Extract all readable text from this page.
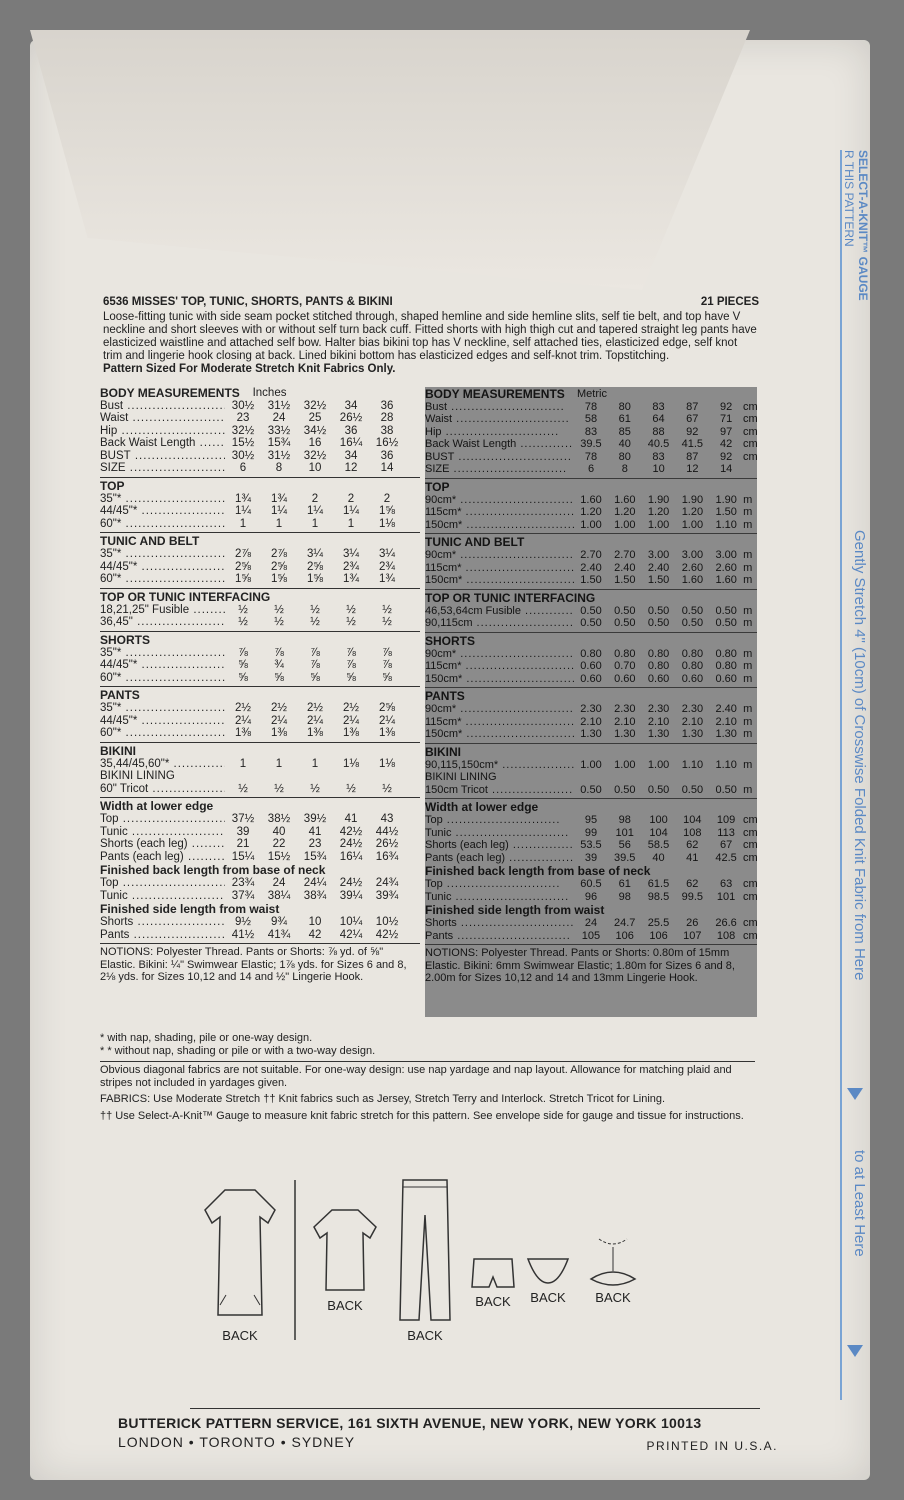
SELECT-A-KNIT™ GAUGE
R THIS PATTERN
Gently Stretch 4" (10cm) of Crosswise Folded Knit Fabric from Here
to at Least Here
6536 MISSES' TOP, TUNIC, SHORTS, PANTS & BIKINI	21 PIECES
Loose-fitting tunic with side seam pocket stitched through, shaped hemline and side hemline slits, self tie belt, and top have V neckline and short sleeves with or without self turn back cuff. Fitted shorts with high thigh cut and tapered straight leg pants have elasticized waistline and attached self bow. Halter bias bikini top has V neckline, self attached ties, elasticized edge, self knot trim and lingerie hook closing at back. Lined bikini bottom has elasticized edges and self-knot trim. Topstitching.
Pattern Sized For Moderate Stretch Knit Fabrics Only.
BODY MEASUREMENTS Inches
Bust .....	30½	31½	32½	34	36
Waist .....	23	24	25	26½	28
Hip .....	32½	33½	34½	36	38
Back Waist Length .....	15½	15¾	16	16¼	16½
BUST .....	30½	31½	32½	34	36
SIZE .....	6	8	10	12	14
TOP
35"* .....	1¾	1¾	2	2	2
44/45"* .....	1¼	1¼	1¼	1¼	1⅝
60"* .....	1	1	1	1	1⅛
TUNIC AND BELT
35"* .....	2⅞	2⅞	3¼	3¼	3¼
44/45"* .....	2⅝	2⅝	2⅝	2¾	2¾
60"* .....	1⅝	1⅝	1⅝	1¾	1¾
TOP OR TUNIC INTERFACING
18,21,25" Fusible .....	½	½	½	½	½
36,45" .....	½	½	½	½	½
SHORTS
35"* .....	⅞	⅞	⅞	⅞	⅞
44/45"* .....	⅝	¾	⅞	⅞	⅞
60"* .....	⅝	⅝	⅝	⅝	⅝
PANTS
35"* .....	2½	2½	2½	2½	2⅝
44/45"* .....	2¼	2¼	2¼	2¼	2¼
60"* .....	1⅜	1⅜	1⅜	1⅜	1⅜
BIKINI
35,44/45,60"* .....	1	1	1	1⅛	1⅛
BIKINI LINING
60" Tricot .....	½	½	½	½	½
Width at lower edge
Top .....	37½	38½	39½	41	43
Tunic .....	39	40	41	42½	44½
Shorts (each leg) .....	21	22	23	24½	26½
Pants (each leg) .....	15¼	15½	15¾	16¼	16¾
Finished back length from base of neck
Top .....	23¾	24	24¼	24½	24¾
Tunic .....	37¾	38¼	38¾	39¼	39¾
Finished side length from waist
Shorts .....	9½	9¾	10	10¼	10½
Pants .....	41½	41¾	42	42¼	42½
NOTIONS: Polyester Thread. Pants or Shorts: ⅞ yd. of ⅝" Elastic. Bikini: ¼" Swimwear Elastic; 1⅞ yds. for Sizes 6 and 8, 2⅛ yds. for Sizes 10,12 and 14 and ½" Lingerie Hook.
BODY MEASUREMENTS Metric
Bust .....	78	80	83	87	92 cm
Waist .....	58	61	64	67	71 cm
Hip .....	83	85	88	92	97 cm
Back Waist Length .....	39.5	40	40.5	41.5	42 cm
BUST .....	78	80	83	87	92 cm
SIZE .....	6	8	10	12	14
TOP
90cm* .....	1.60	1.60	1.90	1.90	1.90 m
115cm* .....	1.20	1.20	1.20	1.20	1.50 m
150cm* .....	1.00	1.00	1.00	1.00	1.10 m
TUNIC AND BELT
90cm* .....	2.70	2.70	3.00	3.00	3.00 m
115cm* .....	2.40	2.40	2.40	2.60	2.60 m
150cm* .....	1.50	1.50	1.50	1.60	1.60 m
TOP OR TUNIC INTERFACING
46,53,64cm Fusible .....	0.50	0.50	0.50	0.50	0.50 m
90,115cm .....	0.50	0.50	0.50	0.50	0.50 m
SHORTS
90cm* .....	0.80	0.80	0.80	0.80	0.80 m
115cm* .....	0.60	0.70	0.80	0.80	0.80 m
150cm* .....	0.60	0.60	0.60	0.60	0.60 m
PANTS
90cm* .....	2.30	2.30	2.30	2.30	2.40 m
115cm* .....	2.10	2.10	2.10	2.10	2.10 m
150cm* .....	1.30	1.30	1.30	1.30	1.30 m
BIKINI
90,115,150cm* .....	1.00	1.00	1.00	1.10	1.10 m
BIKINI LINING
150cm Tricot .....	0.50	0.50	0.50	0.50	0.50 m
Width at lower edge
Top .....	95	98	100	104	109 cm
Tunic .....	99	101	104	108	113 cm
Shorts (each leg) .....	53.5	56	58.5	62	67 cm
Pants (each leg) .....	39	39.5	40	41	42.5 cm
Finished back length from base of neck
Top .....	60.5	61	61.5	62	63 cm
Tunic .....	96	98	98.5	99.5	101 cm
Finished side length from waist
Shorts .....	24	24.7	25.5	26	26.6 cm
Pants .....	105	106	106	107	108 cm
NOTIONS: Polyester Thread. Pants or Shorts: 0.80m of 15mm Elastic. Bikini: 6mm Swimwear Elastic; 1.80m for Sizes 6 and 8, 2.00m for Sizes 10,12 and 14 and 13mm Lingerie Hook.

* with nap, shading, pile or one-way design.

* * without nap, shading or pile or with a two-way design.

Obvious diagonal fabrics are not suitable. For one-way design: use nap yardage and nap layout. Allowance for matching plaid and stripes not included in yardages given.

FABRICS: Use Moderate Stretch †† Knit fabrics such as Jersey, Stretch Terry and Interlock. Stretch Tricot for Lining.

†† Use Select-A-Knit™ Gauge to measure knit fabric stretch for this pattern. See envelope side for gauge and tissue for instructions.

BACK
BACK
BACK
BACK	BACK	BACK
BUTTERICK PATTERN SERVICE, 161 SIXTH AVENUE, NEW YORK, NEW YORK 10013
LONDON • TORONTO • SYDNEY	PRINTED IN U.S.A.
